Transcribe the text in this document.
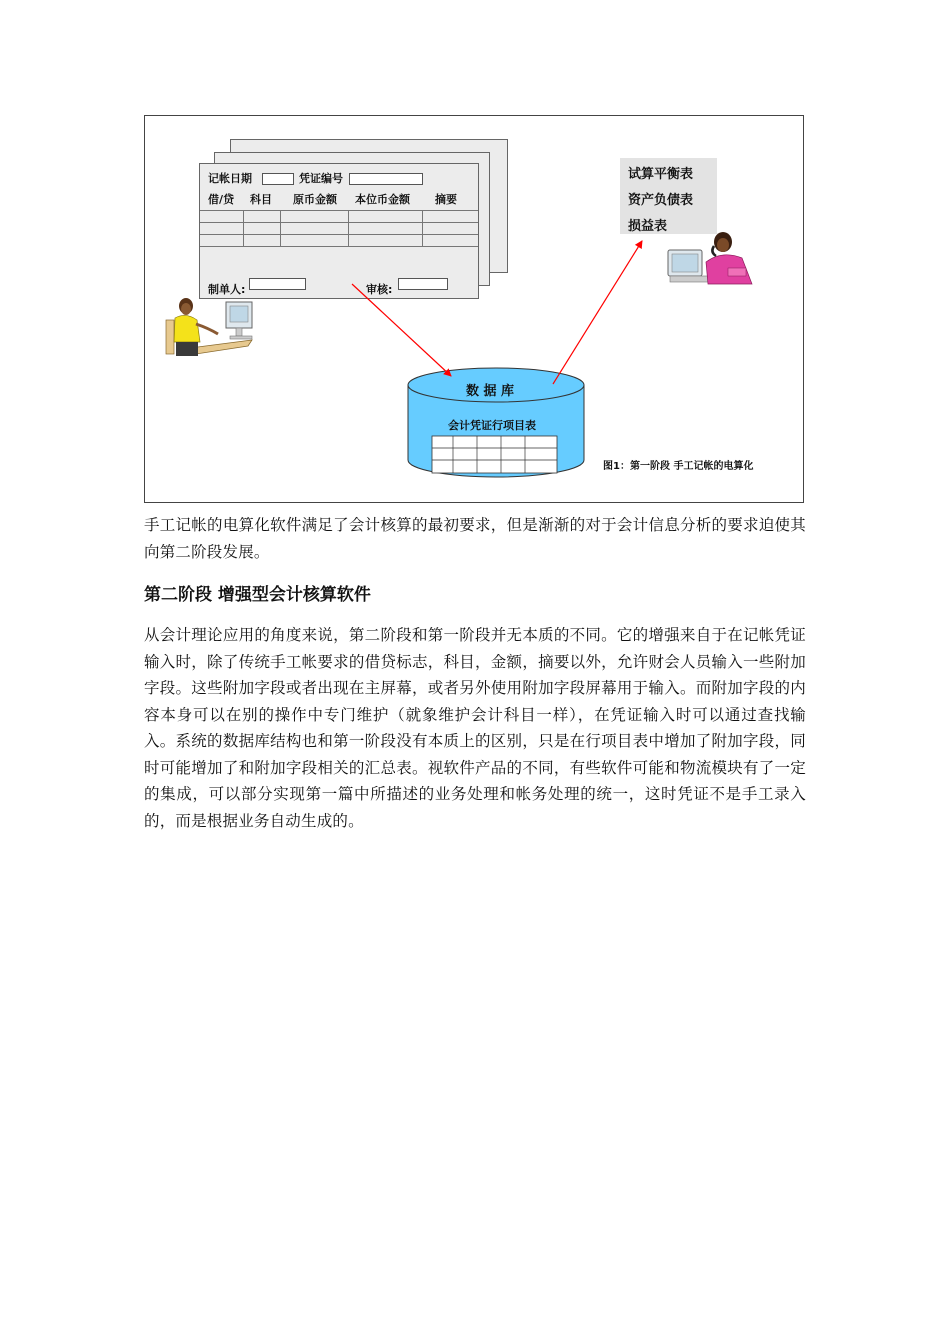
记帐日期	凭证编号
借/贷 科目 原币金额 本位币金额 摘要
制单人:	审核:
试算平衡表
资产负债表
损益表
数 据 库
会计凭证行项目表
图1：第一阶段 手工记帐的电算化

手工记帐的电算化软件满足了会计核算的最初要求，但是渐渐的对于会计信息分析的要求迫使其向第二阶段发展。

第二阶段 增强型会计核算软件

从会计理论应用的角度来说，第二阶段和第一阶段并无本质的不同。它的增强来自于在记帐凭证输入时，除了传统手工帐要求的借贷标志，科目，金额，摘要以外，允许财会人员输入一些附加字段。这些附加字段或者出现在主屏幕，或者另外使用附加字段屏幕用于输入。而附加字段的内容本身可以在别的操作中专门维护（就象维护会计科目一样），在凭证输入时可以通过查找输入。系统的数据库结构也和第一阶段没有本质上的区别，只是在行项目表中增加了附加字段，同时可能增加了和附加字段相关的汇总表。视软件产品的不同，有些软件可能和物流模块有了一定的集成，可以部分实现第一篇中所描述的业务处理和帐务处理的统一，这时凭证不是手工录入的，而是根据业务自动生成的。
